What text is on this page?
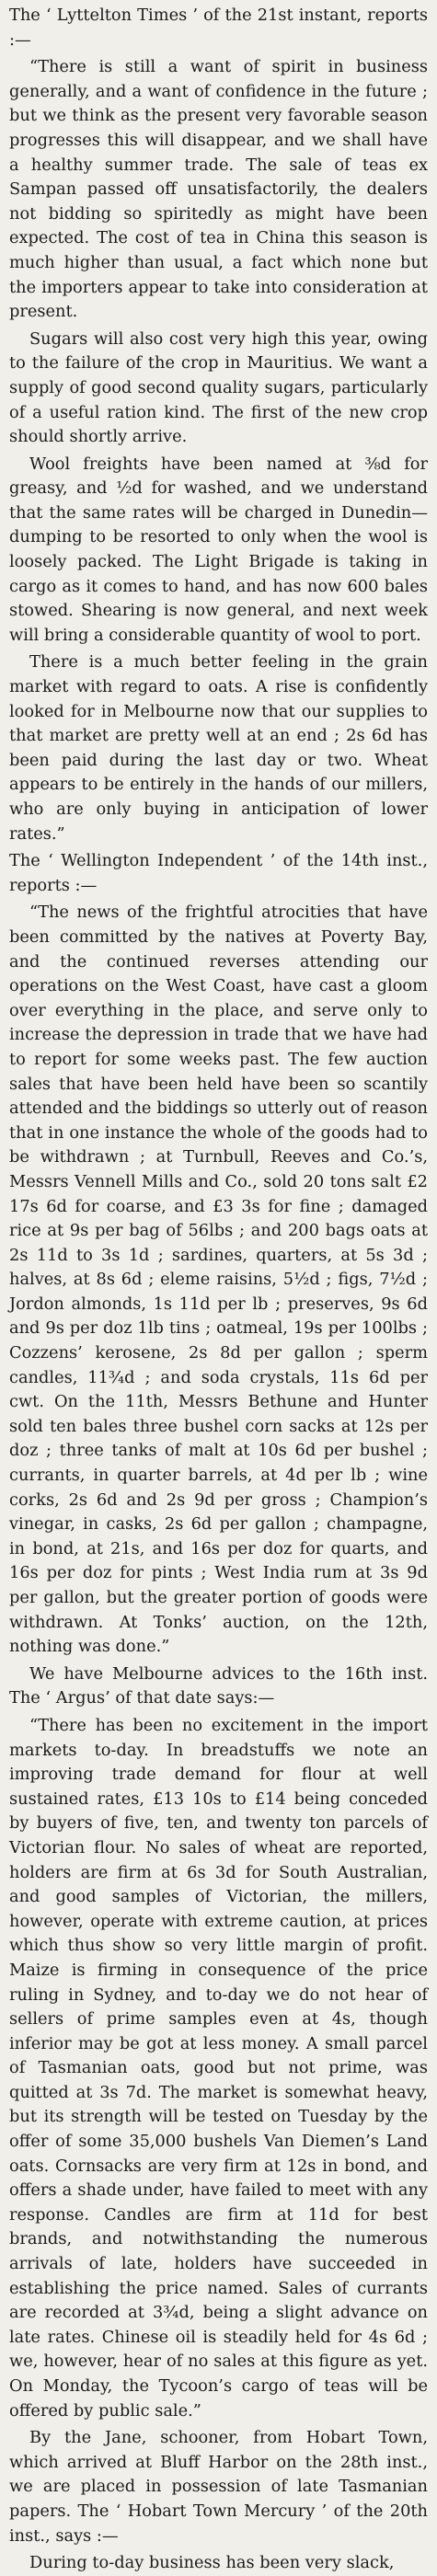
The ‘ Lyttelton Times ’ of the 21st instant, reports :—

“There is still a want of spirit in business generally, and a want of confidence in the future ; but we think as the present very favorable season progresses this will disappear, and we shall have a healthy summer trade. The sale of teas ex Sampan passed off unsatisfactorily, the dealers not bidding so spiritedly as might have been expected. The cost of tea in China this season is much higher than usual, a fact which none but the importers appear to take into consideration at present.

Sugars will also cost very high this year, owing to the failure of the crop in Mauritius. We want a supply of good second quality sugars, particularly of a useful ration kind. The first of the new crop should shortly arrive.

Wool freights have been named at ⅜d for greasy, and ½d for washed, and we understand that the same rates will be charged in Dunedin— dumping to be resorted to only when the wool is loosely packed. The Light Brigade is taking in cargo as it comes to hand, and has now 600 bales stowed. Shearing is now general, and next week will bring a considerable quantity of wool to port.

There is a much better feeling in the grain market with regard to oats. A rise is confidently looked for in Melbourne now that our supplies to that market are pretty well at an end ; 2s 6d has been paid during the last day or two. Wheat appears to be entirely in the hands of our millers, who are only buying in anticipation of lower rates.”

The ‘ Wellington Independent ’ of the 14th inst., reports :—

“The news of the frightful atrocities that have been committed by the natives at Poverty Bay, and the continued reverses attending our operations on the West Coast, have cast a gloom over everything in the place, and serve only to increase the depression in trade that we have had to report for some weeks past. The few auction sales that have been held have been so scantily attended and the biddings so utterly out of reason that in one instance the whole of the goods had to be withdrawn ; at Turnbull, Reeves and Co.’s, Messrs Vennell Mills and Co., sold 20 tons salt £2 17s 6d for coarse, and £3 3s for fine ; damaged rice at 9s per bag of 56lbs ; and 200 bags oats at 2s 11d to 3s 1d ; sardines, quarters, at 5s 3d ; halves, at 8s 6d ; eleme raisins, 5½d ; figs, 7½d ; Jordon almonds, 1s 11d per lb ; preserves, 9s 6d and 9s per doz 1lb tins ; oatmeal, 19s per 100lbs ; Cozzens’ kerosene, 2s 8d per gallon ; sperm candles, 11¾d ; and soda crystals, 11s 6d per cwt. On the 11th, Messrs Bethune and Hunter sold ten bales three bushel corn sacks at 12s per doz ; three tanks of malt at 10s 6d per bushel ; currants, in quarter barrels, at 4d per lb ; wine corks, 2s 6d and 2s 9d per gross ; Champion’s vinegar, in casks, 2s 6d per gallon ; champagne, in bond, at 21s, and 16s per doz for quarts, and 16s per doz for pints ; West India rum at 3s 9d per gallon, but the greater portion of goods were withdrawn. At Tonks’ auction, on the 12th, nothing was done.”

We have Melbourne advices to the 16th inst. The ‘ Argus’ of that date says:—

“There has been no excitement in the import markets to-day. In breadstuffs we note an improving trade demand for flour at well sustained rates, £13 10s to £14 being conceded by buyers of five, ten, and twenty ton parcels of Victorian flour. No sales of wheat are reported, holders are firm at 6s 3d for South Australian, and good samples of Victorian, the millers, however, operate with extreme caution, at prices which thus show so very little margin of profit. Maize is firming in consequence of the price ruling in Sydney, and to-day we do not hear of sellers of prime samples even at 4s, though inferior may be got at less money. A small parcel of Tasmanian oats, good but not prime, was quitted at 3s 7d. The market is somewhat heavy, but its strength will be tested on Tuesday by the offer of some 35,000 bushels Van Diemen’s Land oats. Cornsacks are very firm at 12s in bond, and offers a shade under, have failed to meet with any response. Candles are firm at 11d for best brands, and notwithstanding the numerous arrivals of late, holders have succeeded in establishing the price named. Sales of currants are recorded at 3¾d, being a slight advance on late rates. Chinese oil is steadily held for 4s 6d ; we, however, hear of no sales at this figure as yet. On Monday, the Tycoon’s cargo of teas will be offered by public sale.”

By the Jane, schooner, from Hobart Town, which arrived at Bluff Harbor on the 28th inst., we are placed in possession of late Tasmanian papers. The ‘ Hobart Town Mercury ’ of the 20th inst., says :—

During to-day business has been very slack,
